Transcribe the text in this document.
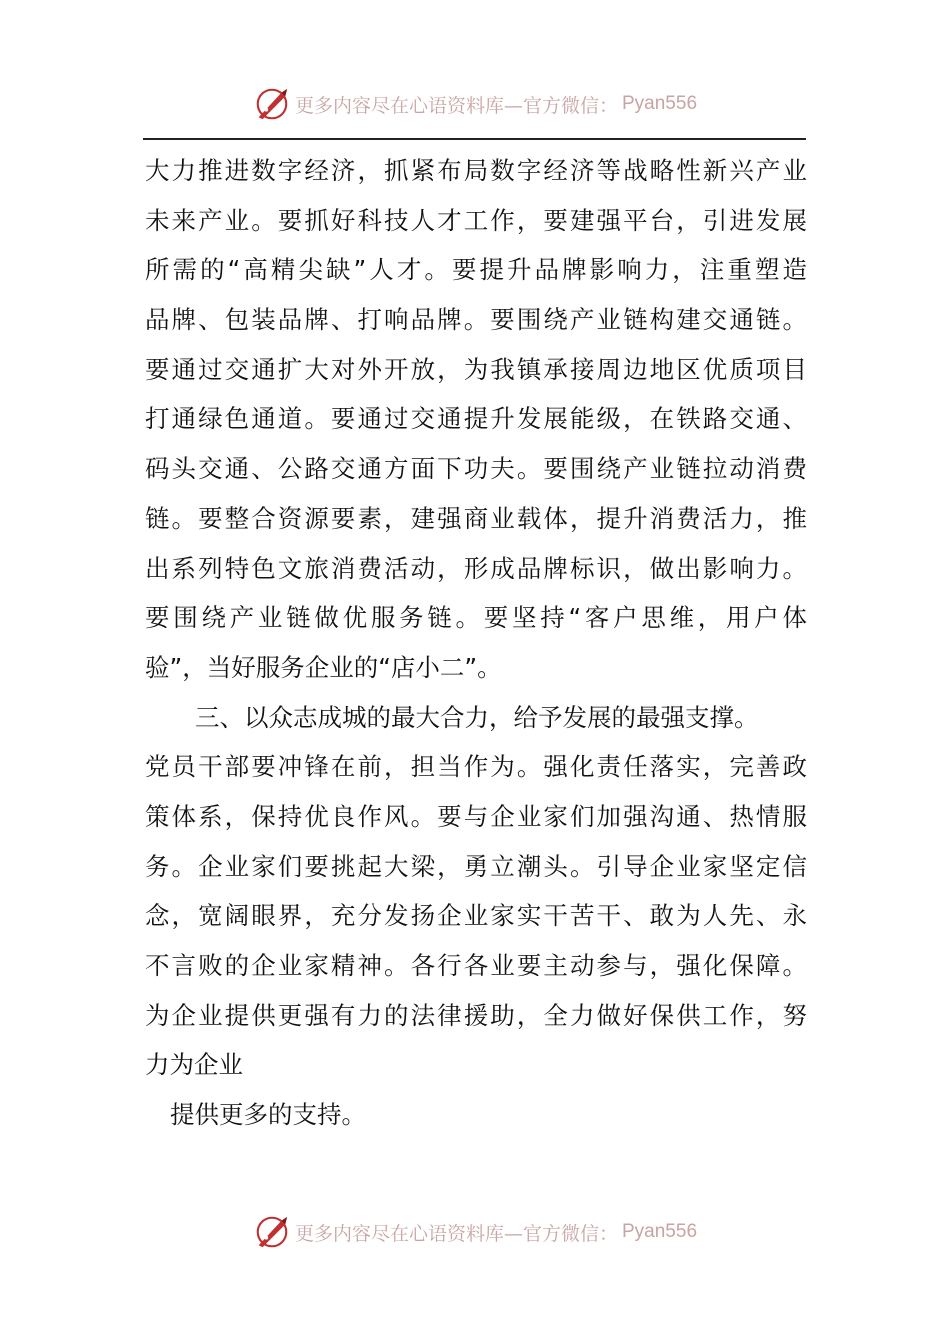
更多内容尽在心语资料库—官方微信： Pyan556
大力推进数字经济，抓紧布局数字经济等战略性新兴产业
未来产业。要抓好科技人才工作，要建强平台，引进发展
所需的“高精尖缺”人才。要提升品牌影响力，注重塑造
品牌、包装品牌、打响品牌。要围绕产业链构建交通链。
要通过交通扩大对外开放，为我镇承接周边地区优质项目
打通绿色通道。要通过交通提升发展能级，在铁路交通、
码头交通、公路交通方面下功夫。要围绕产业链拉动消费
链。要整合资源要素，建强商业载体，提升消费活力，推
出系列特色文旅消费活动，形成品牌标识，做出影响力。
要围绕产业链做优服务链。要坚持“客户思维，用户体
验”，当好服务企业的“店小二”。
三、以众志成城的最大合力，给予发展的最强支撑。
党员干部要冲锋在前，担当作为。强化责任落实，完善政
策体系，保持优良作风。要与企业家们加强沟通、热情服
务。企业家们要挑起大梁，勇立潮头。引导企业家坚定信
念，宽阔眼界，充分发扬企业家实干苦干、敢为人先、永
不言败的企业家精神。各行各业要主动参与，强化保障。
为企业提供更强有力的法律援助，全力做好保供工作，努
力为企业
提供更多的支持。
更多内容尽在心语资料库—官方微信： Pyan556
